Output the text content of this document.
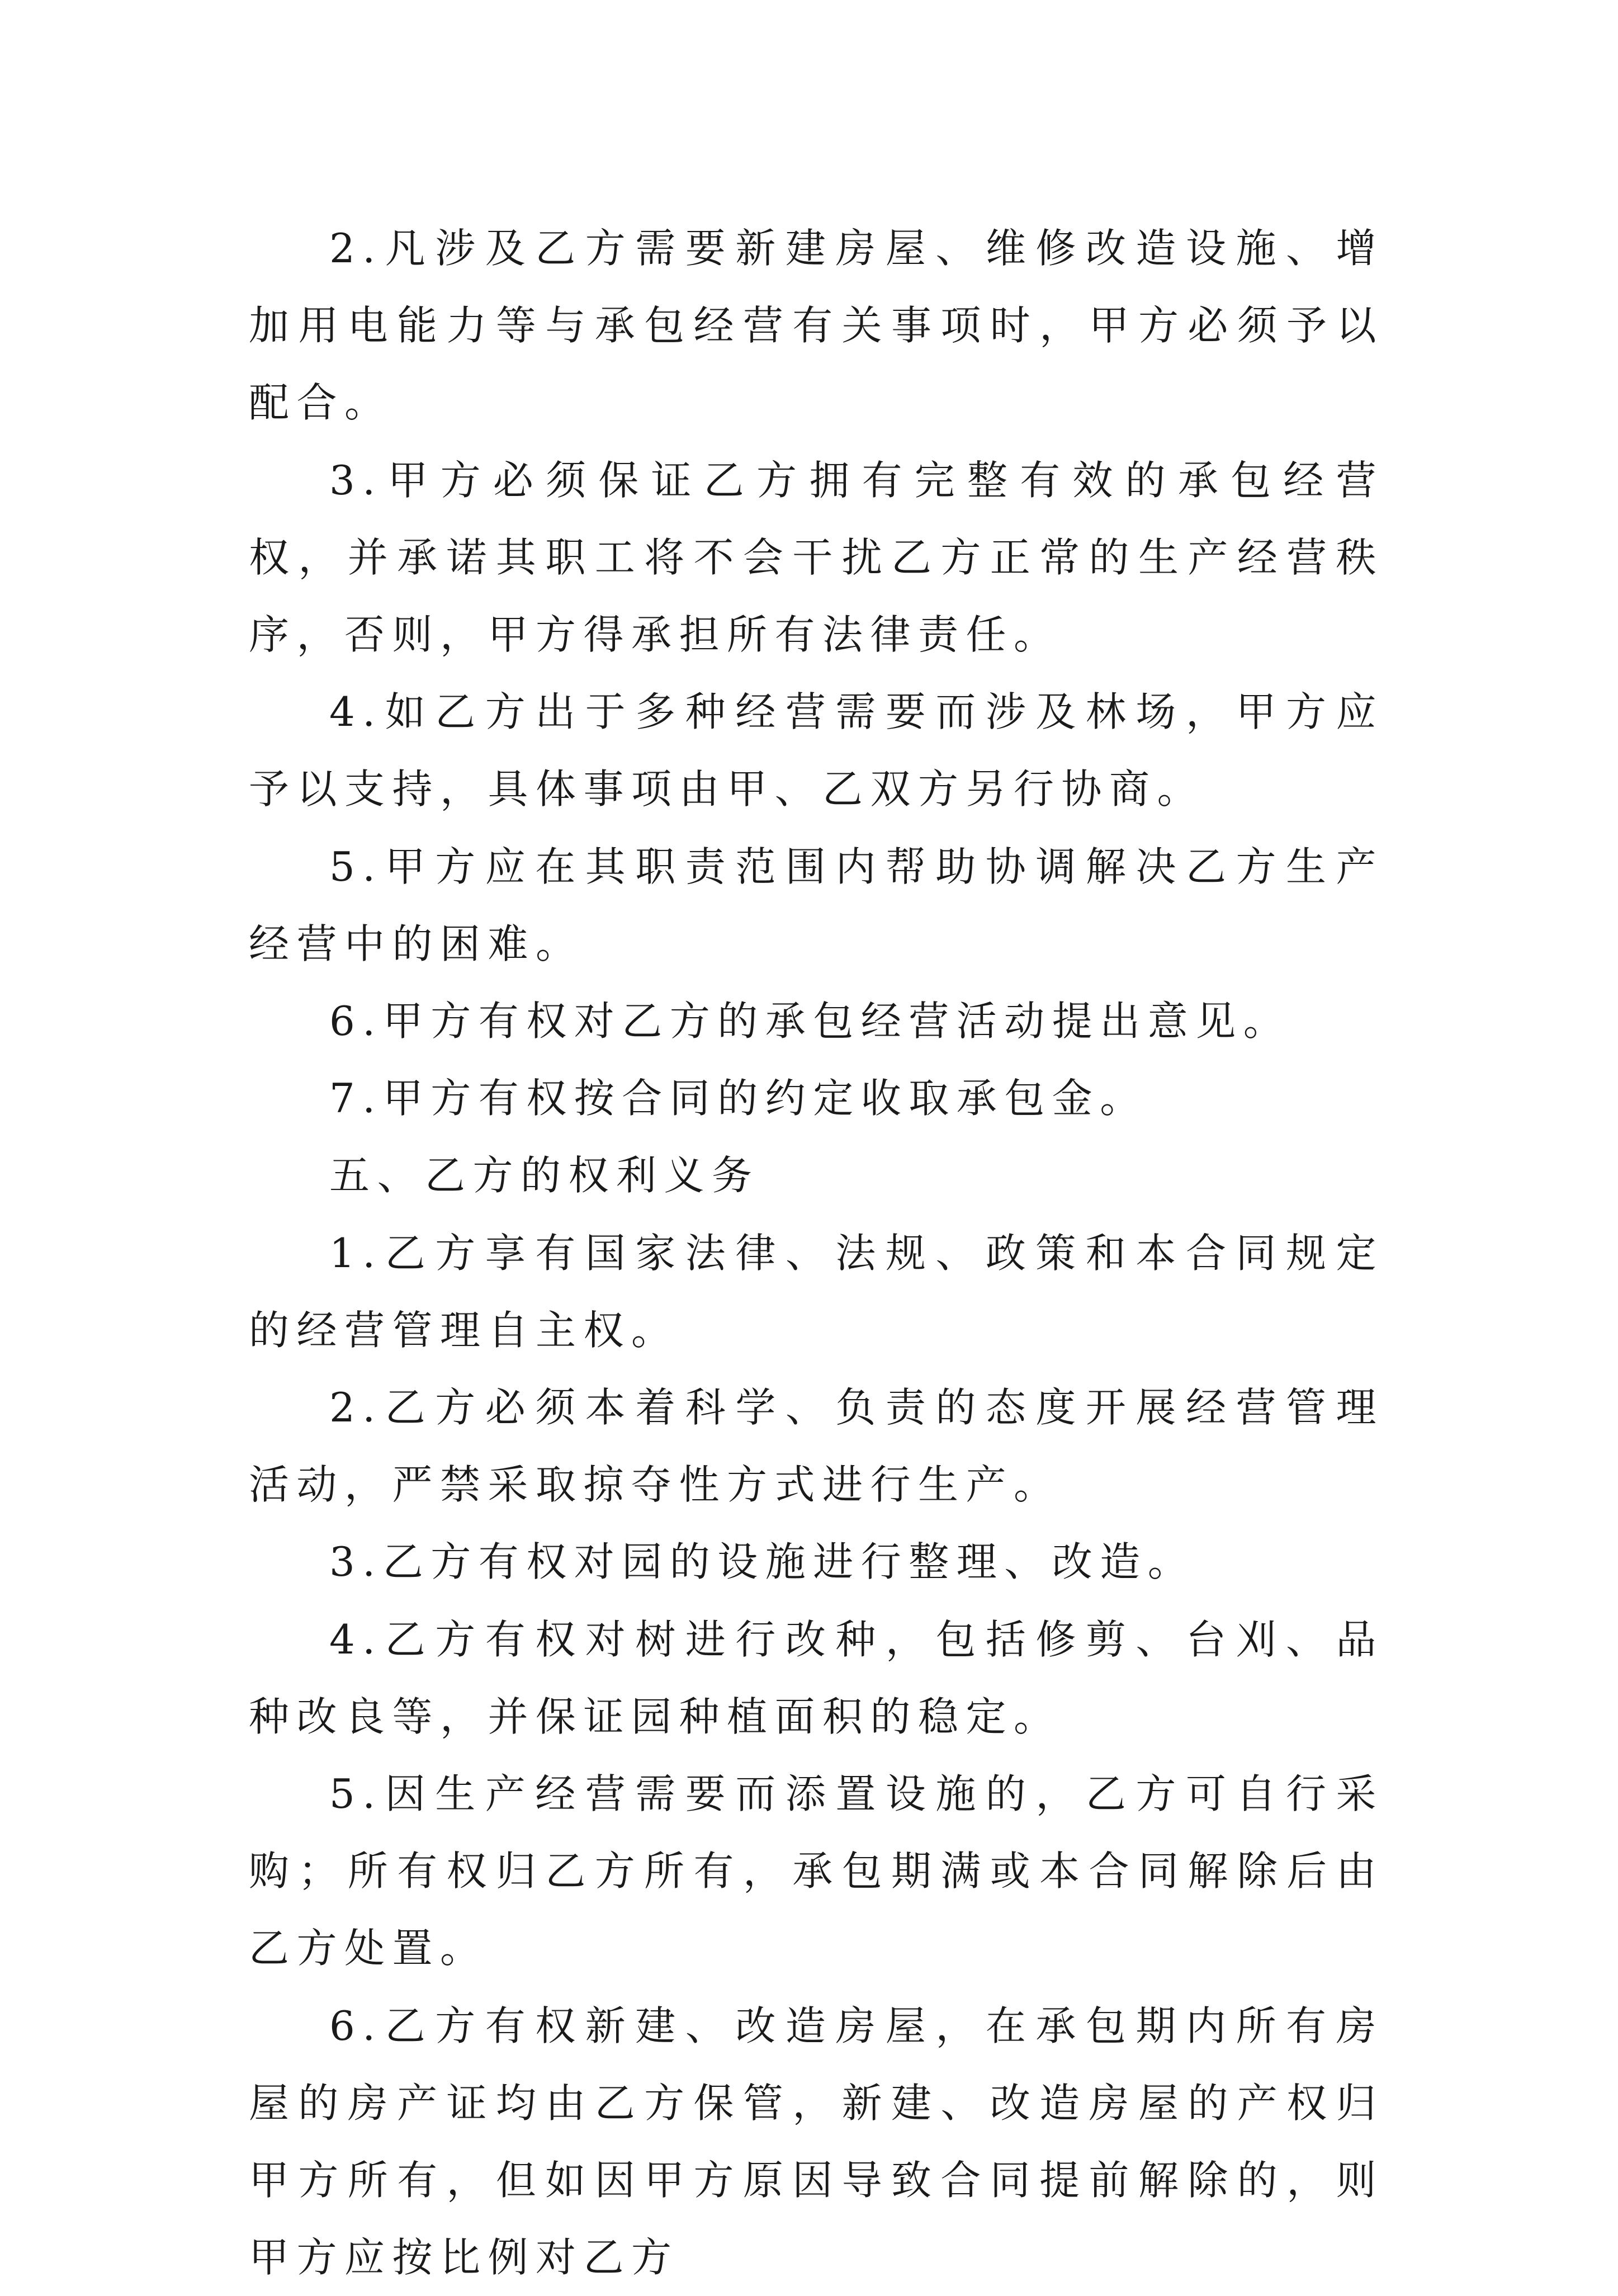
2.凡涉及乙方需要新建房屋、维修改造设施、增加用电能力等与承包经营有关事项时，甲方必须予以配合。

3.甲方必须保证乙方拥有完整有效的承包经营权，并承诺其职工将不会干扰乙方正常的生产经营秩序，否则，甲方得承担所有法律责任。

4.如乙方出于多种经营需要而涉及林场，甲方应予以支持，具体事项由甲、乙双方另行协商。

5.甲方应在其职责范围内帮助协调解决乙方生产经营中的困难。

6.甲方有权对乙方的承包经营活动提出意见。

7.甲方有权按合同的约定收取承包金。

五、乙方的权利义务

1.乙方享有国家法律、法规、政策和本合同规定的经营管理自主权。

2.乙方必须本着科学、负责的态度开展经营管理活动，严禁采取掠夺性方式进行生产。

3.乙方有权对园的设施进行整理、改造。

4.乙方有权对树进行改种，包括修剪、台刈、品种改良等，并保证园种植面积的稳定。

5.因生产经营需要而添置设施的，乙方可自行采购；所有权归乙方所有，承包期满或本合同解除后由乙方处置。

6.乙方有权新建、改造房屋，在承包期内所有房屋的房产证均由乙方保管，新建、改造房屋的产权归甲方所有，但如因甲方原因导致合同提前解除的，则甲方应按比例对乙方
